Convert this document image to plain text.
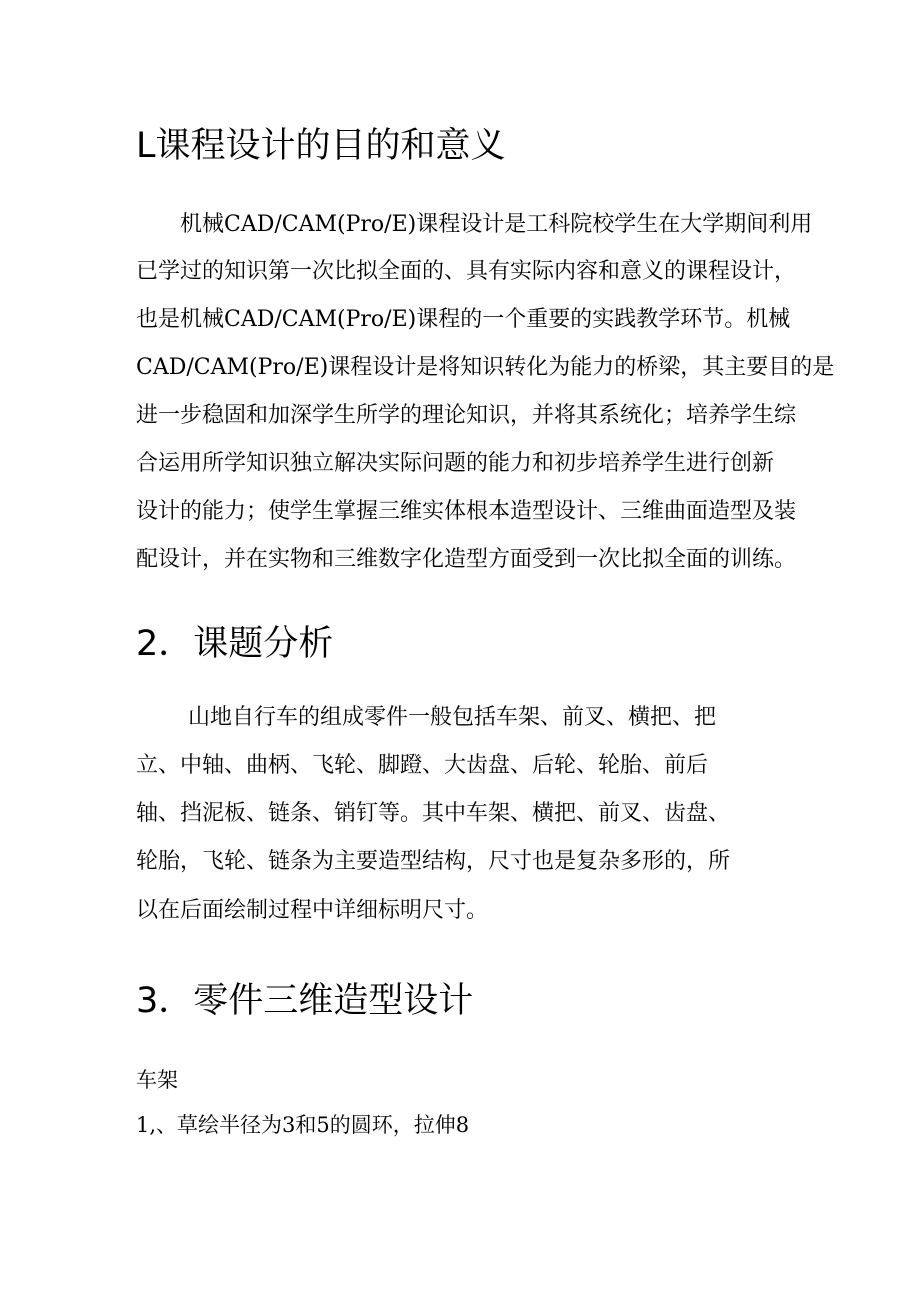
L课程设计的目的和意义

机械CAD/CAM(Pro/E)课程设计是工科院校学生在大学期间利用

已学过的知识第一次比拟全面的、具有实际内容和意义的课程设计，

也是机械CAD/CAM(Pro/E)课程的一个重要的实践教学环节。机械

CAD/CAM(Pro/E)课程设计是将知识转化为能力的桥梁，其主要目的是

进一步稳固和加深学生所学的理论知识，并将其系统化；培养学生综

合运用所学知识独立解决实际问题的能力和初步培养学生进行创新

设计的能力；使学生掌握三维实体根本造型设计、三维曲面造型及装

配设计，并在实物和三维数字化造型方面受到一次比拟全面的训练。

2．课题分析

山地自行车的组成零件一般包括车架、前叉、横把、把

立、中轴、曲柄、飞轮、脚蹬、大齿盘、后轮、轮胎、前后

轴、挡泥板、链条、销钉等。其中车架、横把、前叉、齿盘、

轮胎，飞轮、链条为主要造型结构，尺寸也是复杂多形的，所

以在后面绘制过程中详细标明尺寸。

3．零件三维造型设计

车架

1,、草绘半径为3和5的圆环，拉伸8
